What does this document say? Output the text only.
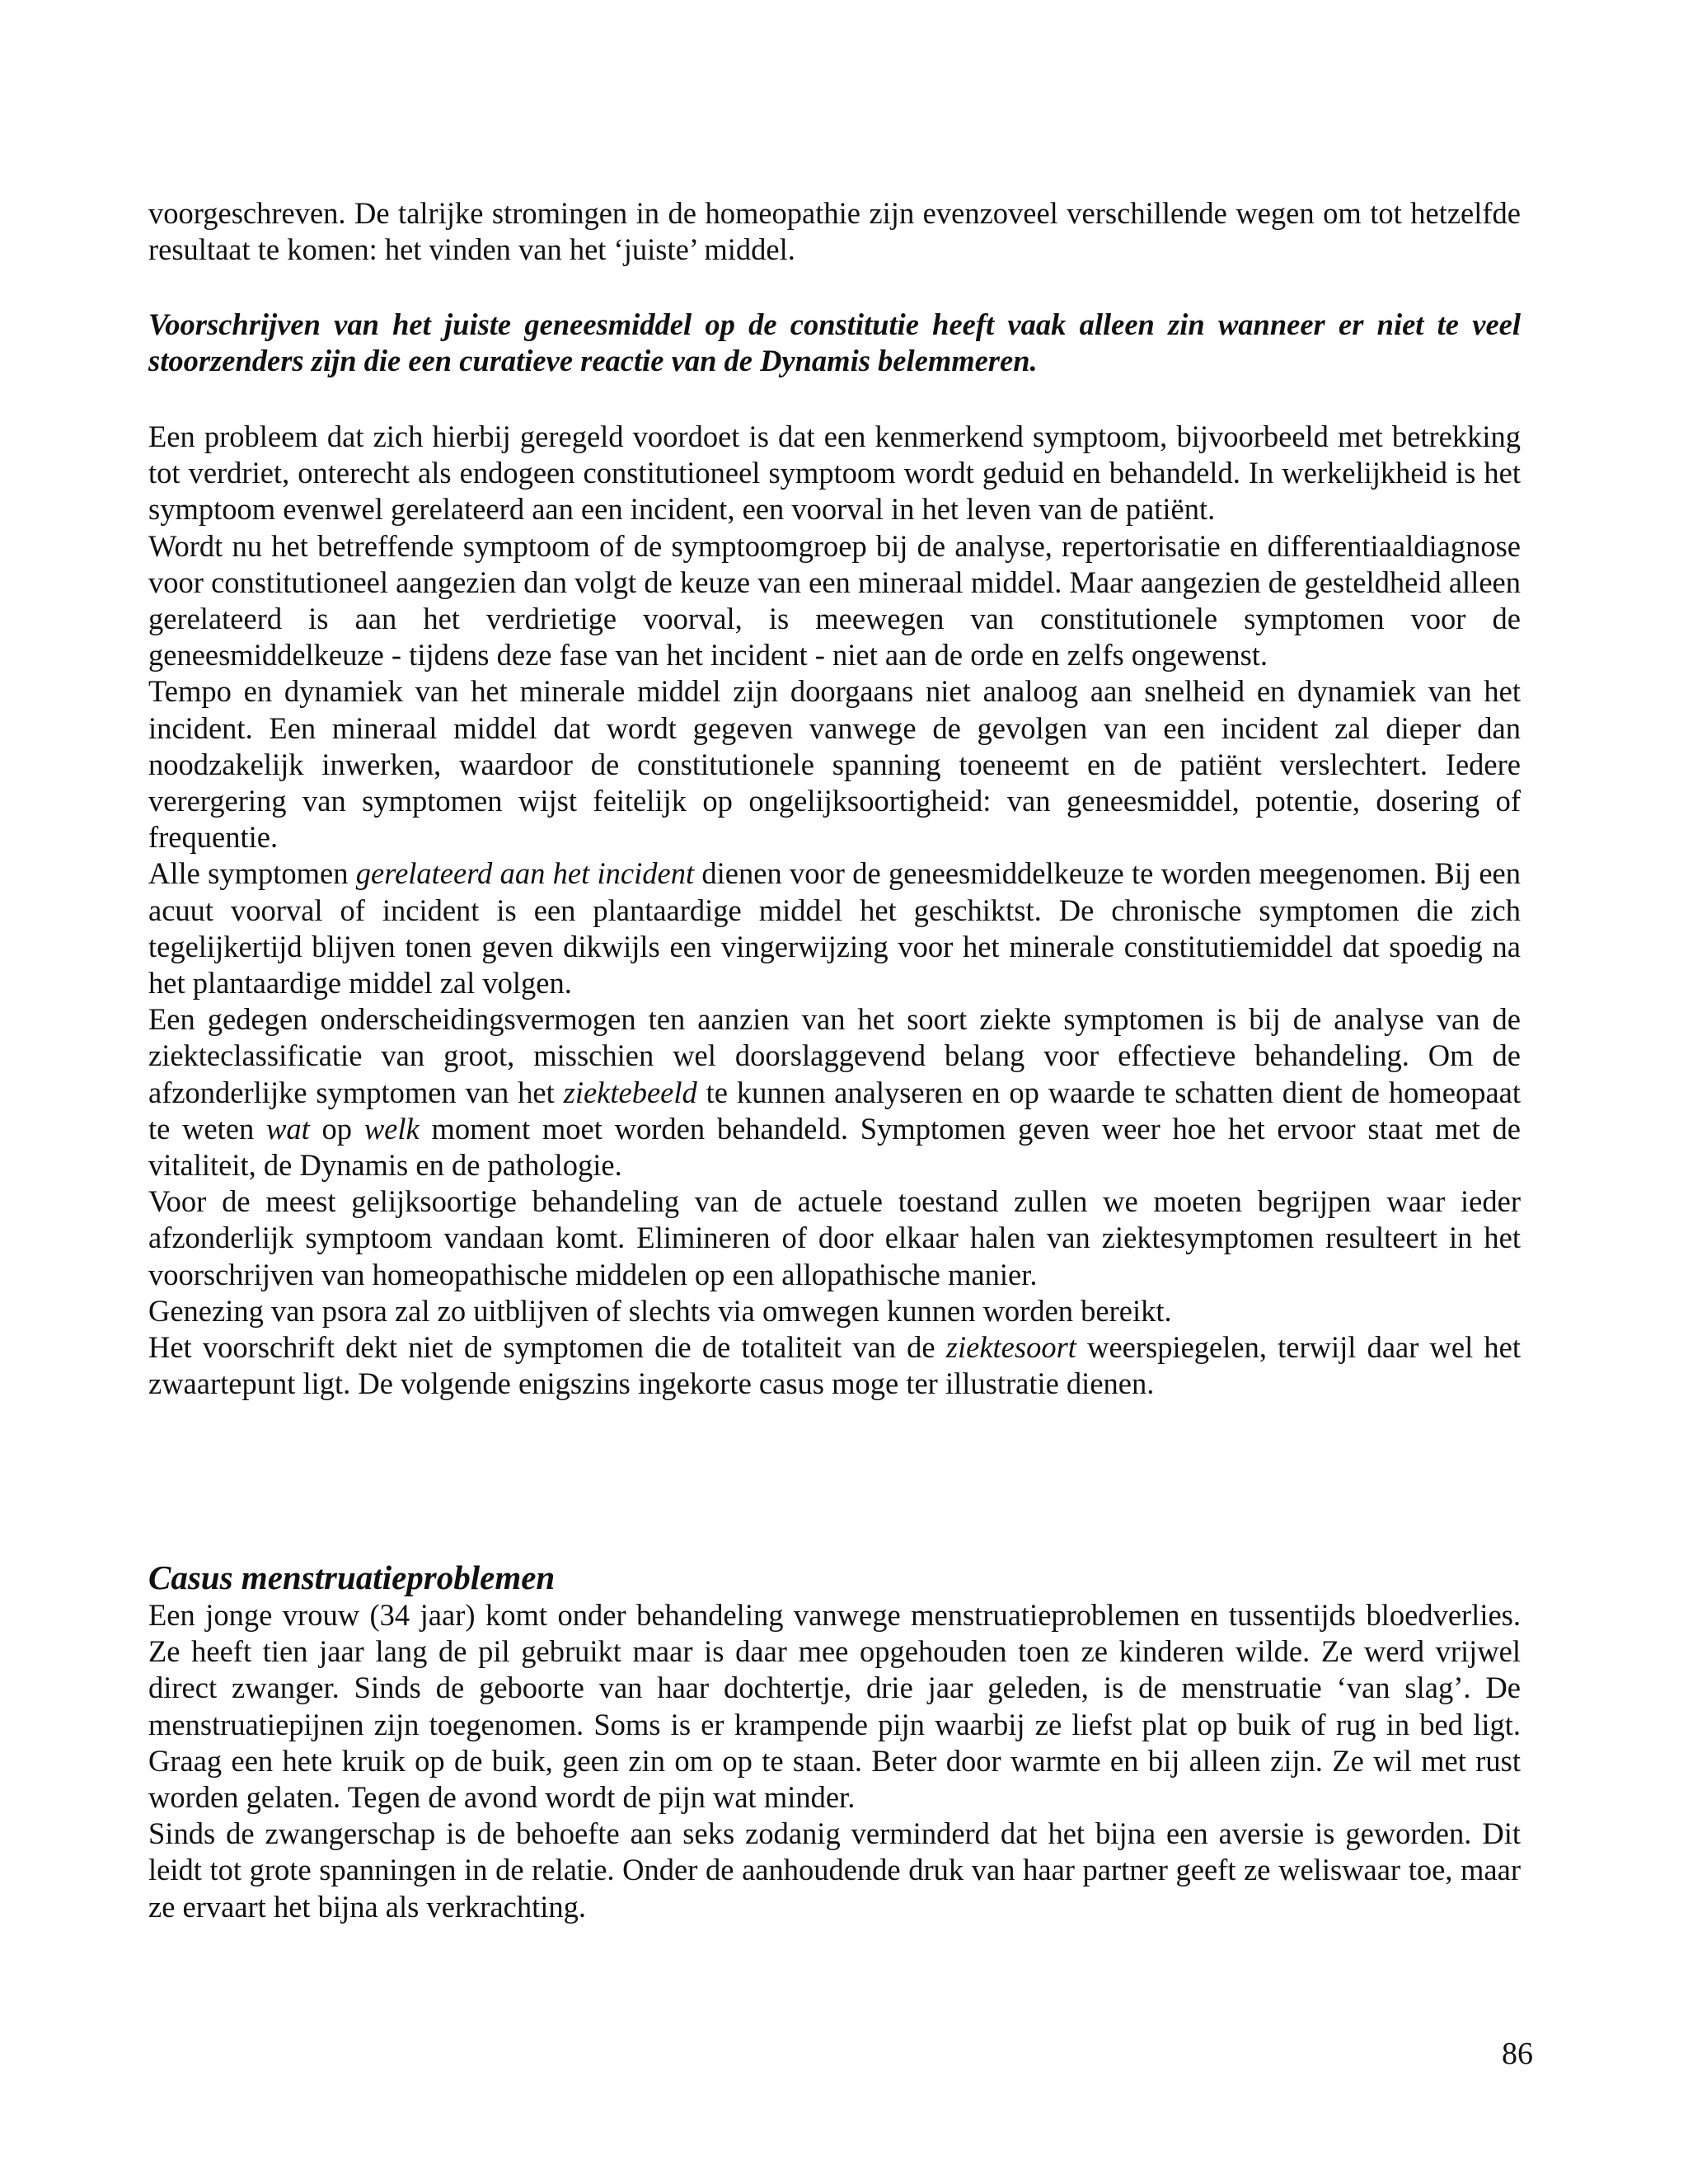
voorgeschreven. De talrijke stromingen in de homeopathie zijn evenzoveel verschillende wegen om tot hetzelfde resultaat te komen: het vinden van het ‘juiste’ middel.

Voorschrijven van het juiste geneesmiddel op de constitutie heeft vaak alleen zin wanneer er niet te veel stoorzenders zijn die een curatieve reactie van de Dynamis belemmeren.

Een probleem dat zich hierbij geregeld voordoet is dat een kenmerkend symptoom, bijvoorbeeld met betrekking tot verdriet, onterecht als endogeen constitutioneel symptoom wordt geduid en behandeld. In werkelijkheid is het symptoom evenwel gerelateerd aan een incident, een voorval in het leven van de patiënt.

Wordt nu het betreffende symptoom of de symptoomgroep bij de analyse, repertorisatie en differentiaaldiagnose voor constitutioneel aangezien dan volgt de keuze van een mineraal middel. Maar aangezien de gesteldheid alleen gerelateerd is aan het verdrietige voorval, is meewegen van constitutionele symptomen voor de geneesmiddelkeuze - tijdens deze fase van het incident - niet aan de orde en zelfs ongewenst.

Tempo en dynamiek van het minerale middel zijn doorgaans niet analoog aan snelheid en dynamiek van het incident. Een mineraal middel dat wordt gegeven vanwege de gevolgen van een incident zal dieper dan noodzakelijk inwerken, waardoor de constitutionele spanning toeneemt en de patiënt verslechtert. Iedere verergering van symptomen wijst feitelijk op ongelijksoortigheid: van geneesmiddel, potentie, dosering of frequentie.

Alle symptomen gerelateerd aan het incident dienen voor de geneesmiddelkeuze te worden meegenomen. Bij een acuut voorval of incident is een plantaardige middel het geschiktst. De chronische symptomen die zich tegelijkertijd blijven tonen geven dikwijls een vingerwijzing voor het minerale constitutiemiddel dat spoedig na het plantaardige middel zal volgen.

Een gedegen onderscheidingsvermogen ten aanzien van het soort ziekte symptomen is bij de analyse van de ziekteclassificatie van groot, misschien wel doorslaggevend belang voor effectieve behandeling. Om de afzonderlijke symptomen van het ziektebeeld te kunnen analyseren en op waarde te schatten dient de homeopaat te weten wat op welk moment moet worden behandeld. Symptomen geven weer hoe het ervoor staat met de vitaliteit, de Dynamis en de pathologie.

Voor de meest gelijksoortige behandeling van de actuele toestand zullen we moeten begrijpen waar ieder afzonderlijk symptoom vandaan komt. Elimineren of door elkaar halen van ziektesymptomen resulteert in het voorschrijven van homeopathische middelen op een allopathische manier.

Genezing van psora zal zo uitblijven of slechts via omwegen kunnen worden bereikt.

Het voorschrift dekt niet de symptomen die de totaliteit van de ziektesoort weerspiegelen, terwijl daar wel het zwaartepunt ligt. De volgende enigszins ingekorte casus moge ter illustratie dienen.

Casus menstruatieproblemen

Een jonge vrouw (34 jaar) komt onder behandeling vanwege menstruatieproblemen en tussentijds bloedverlies. Ze heeft tien jaar lang de pil gebruikt maar is daar mee opgehouden toen ze kinderen wilde. Ze werd vrijwel direct zwanger. Sinds de geboorte van haar dochtertje, drie jaar geleden, is de menstruatie ‘van slag’. De menstruatiepijnen zijn toegenomen. Soms is er krampende pijn waarbij ze liefst plat op buik of rug in bed ligt. Graag een hete kruik op de buik, geen zin om op te staan. Beter door warmte en bij alleen zijn. Ze wil met rust worden gelaten. Tegen de avond wordt de pijn wat minder.

Sinds de zwangerschap is de behoefte aan seks zodanig verminderd dat het bijna een aversie is geworden. Dit leidt tot grote spanningen in de relatie. Onder de aanhoudende druk van haar partner geeft ze weliswaar toe, maar ze ervaart het bijna als verkrachting.

86
